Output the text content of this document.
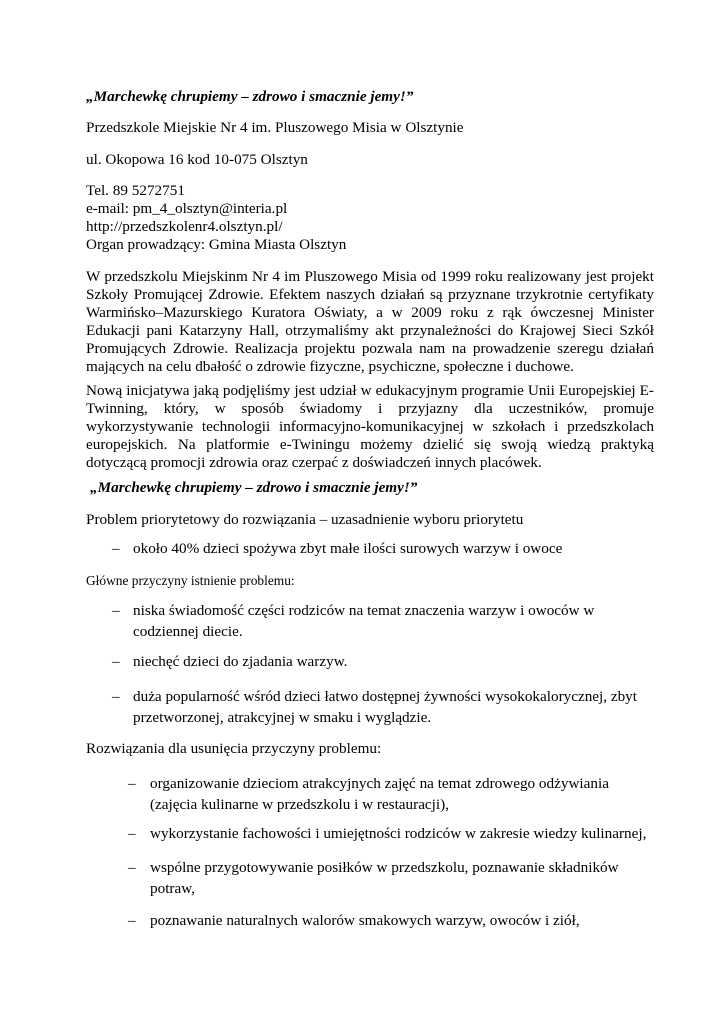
„Marchewkę chrupiemy – zdrowo i smacznie jemy!”

Przedszkole Miejskie Nr 4 im. Pluszowego Misia w Olsztynie

ul. Okopowa 16 kod 10-075 Olsztyn

Tel. 89 5272751

e-mail: pm_4_olsztyn@interia.pl

http://przedszkolenr4.olsztyn.pl/

Organ prowadzący: Gmina Miasta Olsztyn

W przedszkolu Miejskinm Nr 4 im Pluszowego Misia od 1999 roku realizowany jest projekt Szkoły Promującej Zdrowie. Efektem naszych działań są przyznane trzykrotnie certyfikaty Warmińsko–Mazurskiego Kuratora Oświaty, a w 2009 roku z rąk ówczesnej Minister Edukacji pani Katarzyny Hall, otrzymaliśmy akt przynależności do Krajowej Sieci Szkół Promujących Zdrowie. Realizacja projektu pozwala nam na prowadzenie szeregu działań mających na celu dbałość o zdrowie fizyczne, psychiczne, społeczne i duchowe.

Nową inicjatywa jaką podjęliśmy jest udział w edukacyjnym programie Unii Europejskiej E-Twinning, który, w sposób świadomy i przyjazny dla uczestników, promuje wykorzystywanie technologii informacyjno-komunikacyjnej w szkołach i przedszkolach europejskich. Na platformie e-Twiningu możemy dzielić się swoją wiedzą praktyką dotyczącą promocji zdrowia oraz czerpać z doświadczeń innych placówek.

„Marchewkę chrupiemy – zdrowo i smacznie jemy!”

Problem priorytetowy do rozwiązania – uzasadnienie wyboru priorytetu

– około 40% dzieci spożywa zbyt małe ilości surowych warzyw i owoce

Główne przyczyny istnienie problemu:

– niska świadomość części rodziców na temat znaczenia warzyw i owoców w
codziennej diecie.
– niechęć dzieci do zjadania warzyw.
– duża popularność wśród dzieci łatwo dostępnej żywności wysokokalorycznej, zbyt
przetworzonej, atrakcyjnej w smaku i wyglądzie.

Rozwiązania dla usunięcia przyczyny problemu:

– organizowanie dzieciom atrakcyjnych zajęć na temat zdrowego odżywiania
(zajęcia kulinarne w przedszkolu i w restauracji),
– wykorzystanie fachowości i umiejętności rodziców w zakresie wiedzy kulinarnej,
– wspólne przygotowywanie posiłków w przedszkolu, poznawanie składników
potraw,
– poznawanie naturalnych walorów smakowych warzyw, owoców i ziół,
